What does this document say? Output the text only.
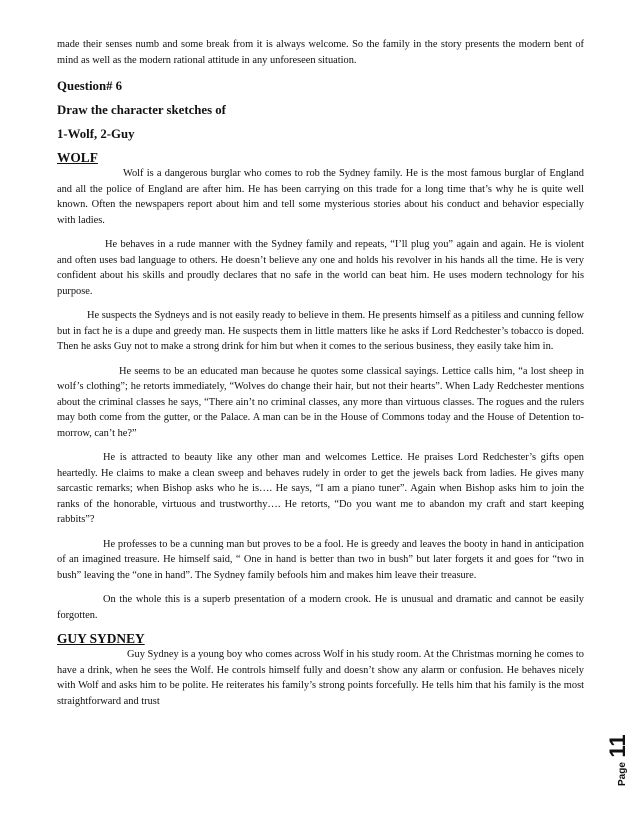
made their senses numb and some break from it is always welcome. So the family in the story presents the modern bent of mind as well as the modern rational attitude in any unforeseen situation.

Question# 6
Draw the character sketches of
1-Wolf, 2-Guy
WOLF

Wolf is a dangerous burglar who comes to rob the Sydney family. He is the most famous burglar of England and all the police of England are after him. He has been carrying on this trade for a long time that’s why he is quite well known. Often the newspapers report about him and tell some mysterious stories about his conduct and behavior especially with ladies.

He behaves in a rude manner with the Sydney family and repeats, “I’ll plug you” again and again. He is violent and often uses bad language to others. He doesn’t believe any one and holds his revolver in his hands all the time. He is very confident about his skills and proudly declares that no safe in the world can beat him. He uses modern technology for his purpose.

He suspects the Sydneys and is not easily ready to believe in them. He presents himself as a pitiless and cunning fellow but in fact he is a dupe and greedy man. He suspects them in little matters like he asks if Lord Redchester’s tobacco is doped. Then he asks Guy not to make a strong drink for him but when it comes to the serious business, they easily take him in.

He seems to be an educated man because he quotes some classical sayings. Lettice calls him, “a lost sheep in wolf’s clothing”; he retorts immediately, “Wolves do change their hair, but not their hearts”. When Lady Redchester mentions about the criminal classes he says, “There ain’t no criminal classes, any more than virtuous classes. The rogues and the rulers may both come from the gutter, or the Palace. A man can be in the House of Commons today and the House of Detention to-morrow, can’t he?”

He is attracted to beauty like any other man and welcomes Lettice. He praises Lord Redchester’s gifts open heartedly. He claims to make a clean sweep and behaves rudely in order to get the jewels back from ladies. He gives many sarcastic remarks; when Bishop asks who he is…. He says, “I am a piano tuner”. Again when Bishop asks him to join the ranks of the honorable, virtuous and trustworthy…. He retorts, “Do you want me to abandon my craft and start keeping rabbits”?

He professes to be a cunning man but proves to be a fool. He is greedy and leaves the booty in hand in anticipation of an imagined treasure. He himself said, “ One in hand is better than two in bush” but later forgets it and goes for “two in bush” leaving the “one in hand”. The Sydney family befools him and makes him leave their treasure.

On the whole this is a superb presentation of a modern crook. He is unusual and dramatic and cannot be easily forgotten.

GUY SYDNEY

Guy Sydney is a young boy who comes across Wolf in his study room. At the Christmas morning he comes to have a drink, when he sees the Wolf. He controls himself fully and doesn’t show any alarm or confusion. He behaves nicely with Wolf and asks him to be polite. He reiterates his family’s strong points forcefully. He tells him that his family is the most straightforward and trust

Page 11
